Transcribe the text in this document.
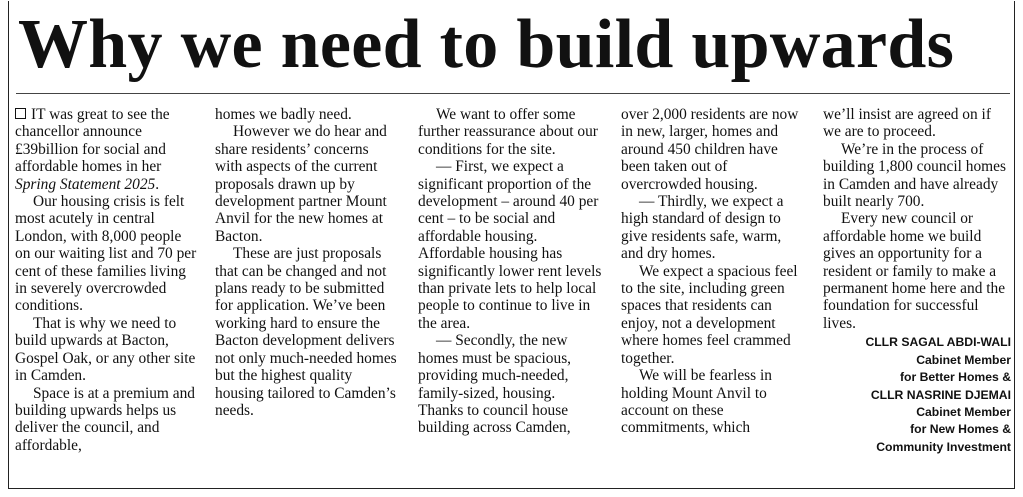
Why we need to build upwards

IT was great to see the chancellor announce £39billion for social and affordable homes in her Spring Statement 2025.

Our housing crisis is felt most acutely in central London, with 8,000 people on our waiting list and 70 per cent of these families living in severely overcrowded conditions.

That is why we need to build upwards at Bacton, Gospel Oak, or any other site in Camden.

Space is at a premium and building upwards helps us deliver the council, and affordable,

homes we badly need.

However we do hear and share residents’ concerns with aspects of the current proposals drawn up by development partner Mount Anvil for the new homes at Bacton.

These are just proposals that can be changed and not plans ready to be submitted for application. We’ve been working hard to ensure the Bacton development delivers not only much-needed homes but the highest quality housing tailored to Camden’s needs.

We want to offer some further reassurance about our conditions for the site.

— First, we expect a significant proportion of the development – around 40 per cent – to be social and affordable housing. Affordable housing has significantly lower rent levels than private lets to help local people to continue to live in the area.

— Secondly, the new homes must be spacious, providing much-needed, family-sized, housing. Thanks to council house building across Camden,

over 2,000 residents are now in new, larger, homes and around 450 children have been taken out of overcrowded housing.

— Thirdly, we expect a high standard of design to give residents safe, warm, and dry homes.

We expect a spacious feel to the site, including green spaces that residents can enjoy, not a development where homes feel crammed together.

We will be fearless in holding Mount Anvil to account on these commitments, which

we’ll insist are agreed on if we are to proceed.

We’re in the process of building 1,800 council homes in Camden and have already built nearly 700.

Every new council or affordable home we build gives an opportunity for a resident or family to make a permanent home here and the foundation for successful lives.

CLLR SAGAL ABDI-WALI
Cabinet Member
for Better Homes &
CLLR NASRINE DJEMAI
Cabinet Member
for New Homes &
Community Investment
